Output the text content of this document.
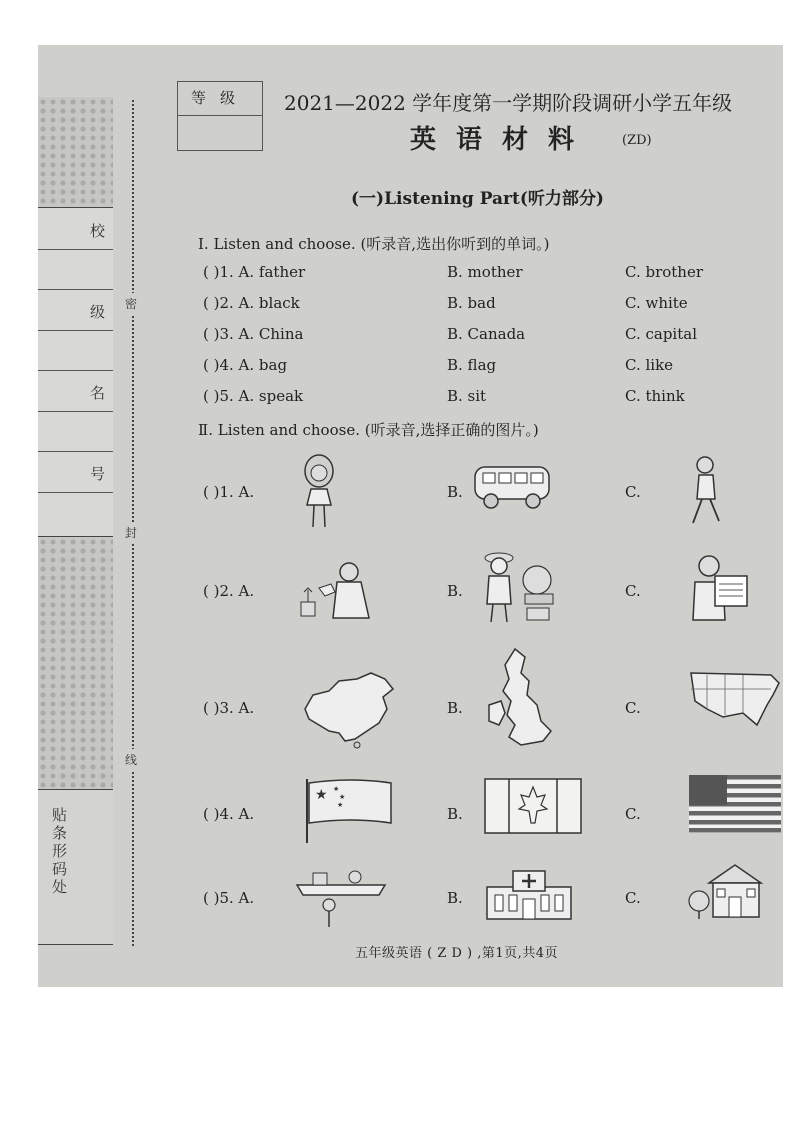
校
级
名
号
贴条形码处
密
封
线
等级	2021—2022 学年度第一学期阶段调研小学五年级
英语材料 (ZD)
(一)Listening Part(听力部分)
Ⅰ. Listen and choose. (听录音,选出你听到的单词。)
( )1. A. father	B. mother	C. brother
( )2. A. black	B. bad	C. white
( )3. A. China	B. Canada	C. capital
( )4. A. bag	B. flag	C. like
( )5. A. speak	B. sit	C. think
Ⅱ. Listen and choose. (听录音,选择正确的图片。)
( )1. A.	B.	C.
( )2. A.	B.	C.
( )3. A.	B.	C.
( )4. A.	B.	C.
★ ★
★
★
( )5. A.	B.	C.
五年级英语 ( Z D ) ,第1页,共4页
